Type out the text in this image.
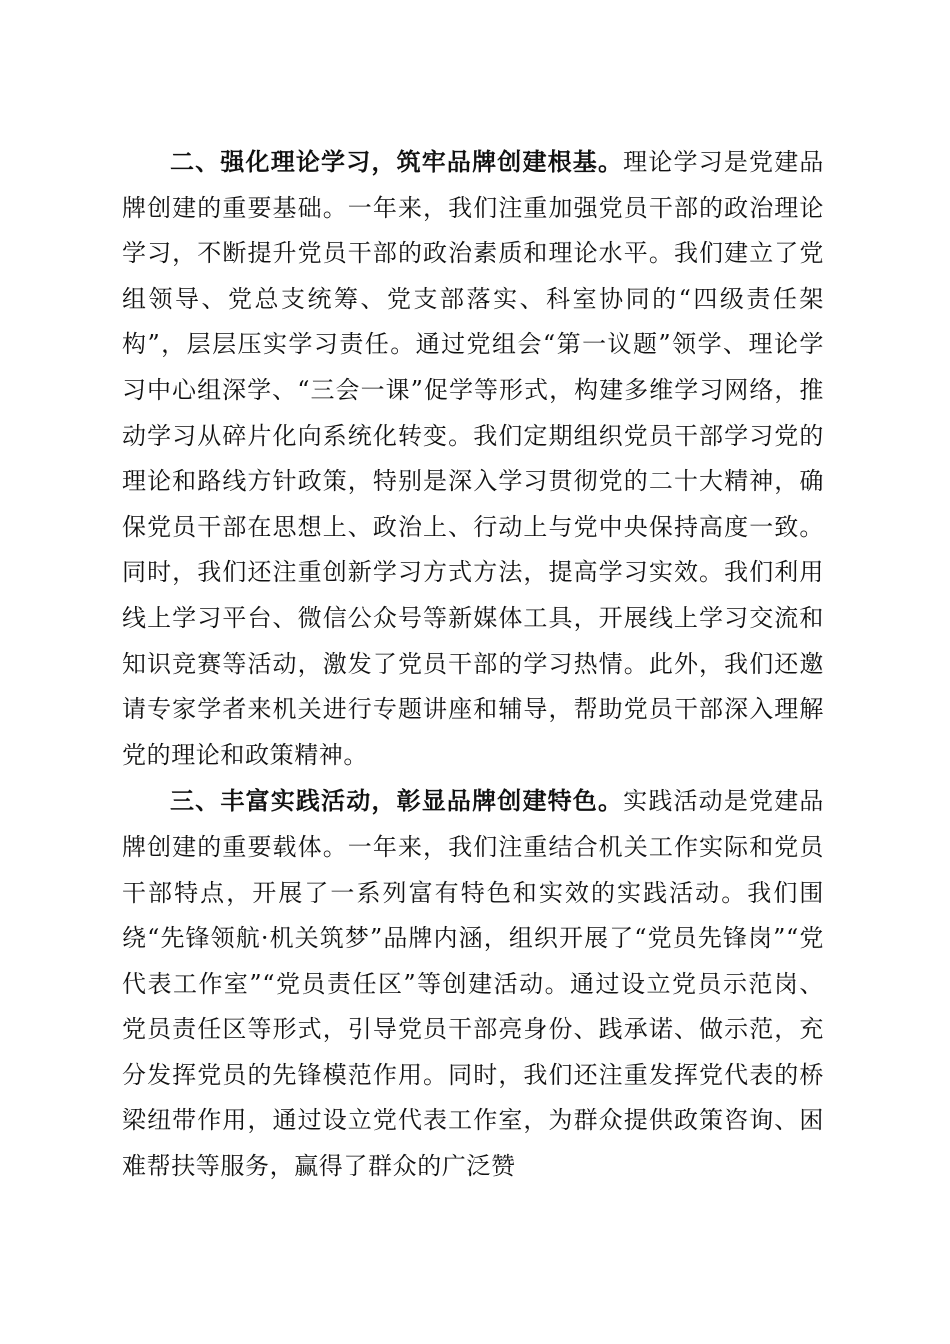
二、强化理论学习，筑牢品牌创建根基。理论学习是党建品牌创建的重要基础。一年来，我们注重加强党员干部的政治理论学习，不断提升党员干部的政治素质和理论水平。我们建立了党组领导、党总支统筹、党支部落实、科室协同的“四级责任架构”，层层压实学习责任。通过党组会“第一议题”领学、理论学习中心组深学、“三会一课”促学等形式，构建多维学习网络，推动学习从碎片化向系统化转变。我们定期组织党员干部学习党的理论和路线方针政策，特别是深入学习贯彻党的二十大精神，确保党员干部在思想上、政治上、行动上与党中央保持高度一致。同时，我们还注重创新学习方式方法，提高学习实效。我们利用线上学习平台、微信公众号等新媒体工具，开展线上学习交流和知识竞赛等活动，激发了党员干部的学习热情。此外，我们还邀请专家学者来机关进行专题讲座和辅导，帮助党员干部深入理解党的理论和政策精神。

三、丰富实践活动，彰显品牌创建特色。实践活动是党建品牌创建的重要载体。一年来，我们注重结合机关工作实际和党员干部特点，开展了一系列富有特色和实效的实践活动。我们围绕“先锋领航·机关筑梦”品牌内涵，组织开展了“党员先锋岗”“党代表工作室”“党员责任区”等创建活动。通过设立党员示范岗、党员责任区等形式，引导党员干部亮身份、践承诺、做示范，充分发挥党员的先锋模范作用。同时，我们还注重发挥党代表的桥梁纽带作用，通过设立党代表工作室，为群众提供政策咨询、困难帮扶等服务，赢得了群众的广泛赞
